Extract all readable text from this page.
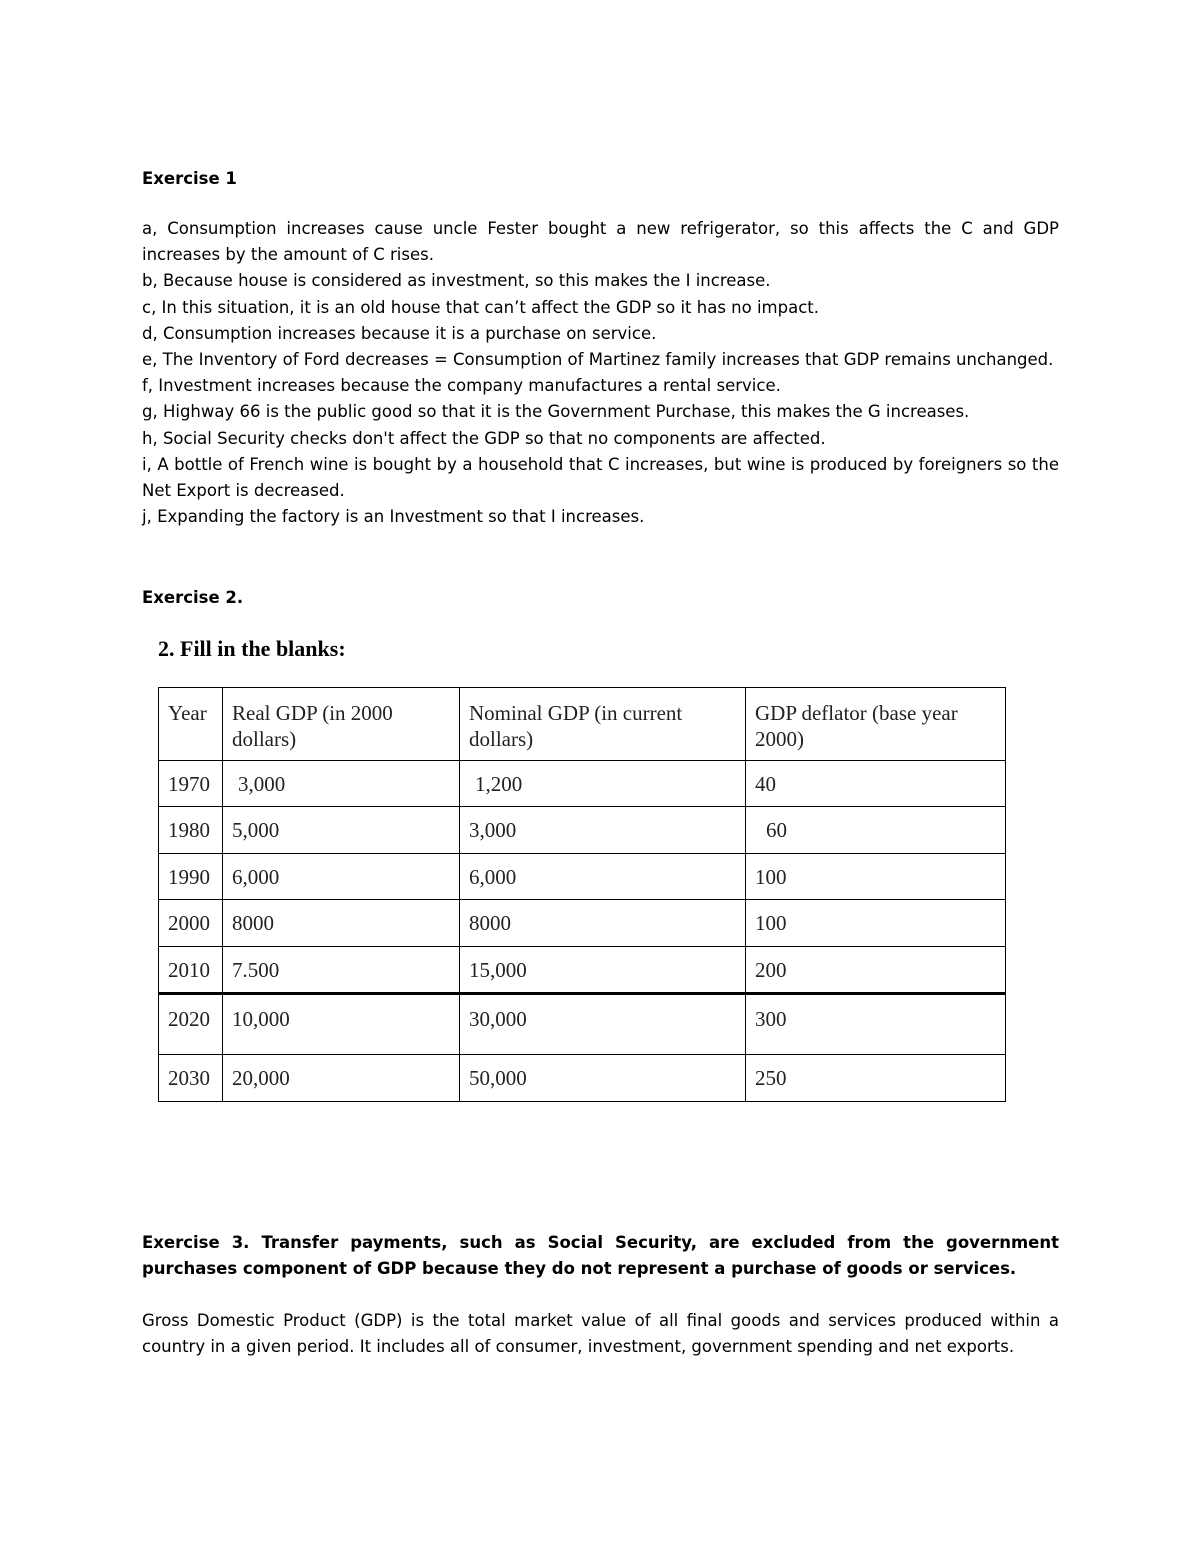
Exercise 1
a, Consumption increases cause uncle Fester bought a new refrigerator, so this affects the C and GDP increases by the amount of C rises.
b, Because house is considered as investment, so this makes the I increase.
c, In this situation, it is an old house that can’t affect the GDP so it has no impact.
d, Consumption increases because it is a purchase on service.
e, The Inventory of Ford decreases = Consumption of Martinez family increases that GDP remains unchanged.
f, Investment increases because the company manufactures a rental service.
g, Highway 66 is the public good so that it is the Government Purchase, this makes the G increases.
h, Social Security checks don't affect the GDP so that no components are affected.
i, A bottle of French wine is bought by a household that C increases, but wine is produced by foreigners so the Net Export is decreased.
j, Expanding the factory is an Investment so that I increases.
Exercise 2.
2. Fill in the blanks:
Year	Real GDP (in 2000 dollars)	Nominal GDP (in current dollars)	GDP deflator (base year 2000)
1970	3,000	1,200	40
1980	5,000	3,000	60
1990	6,000	6,000	100
2000	8000	8000	100
2010	7.500	15,000	200
2020	10,000	30,000	300
2030	20,000	50,000	250
Exercise 3. Transfer payments, such as Social Security, are excluded from the government purchases component of GDP because they do not represent a purchase of goods or services.
Gross Domestic Product (GDP) is the total market value of all final goods and services produced within a country in a given period. It includes all of consumer, investment, government spending and net exports.
